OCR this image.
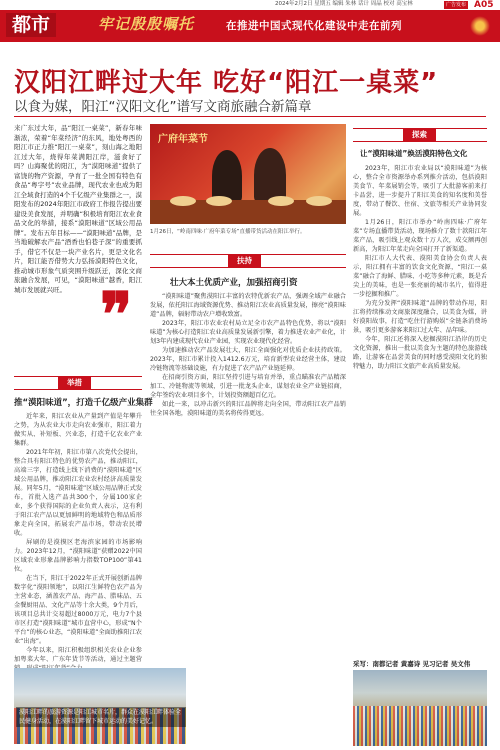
2024年2月2日 星期五 编辑 朱林 话计 周晶 校对 高宝林	广告发布 A05
都市	牢记殷殷嘱托	在推进中国式现代化建设中走在前列
汉阳江畔过大年 吃好“阳江一桌菜”
以食为媒，阳江“汉阳文化”谱写文商旅融合新篇章

来广东过大年，品“阳江一桌菜”，新春年味渐浓，荣着“年菜经济”的东风，地处粤西的阳江市正力推“阳江一桌菜”，刻山海之地阳江过大年，烧得年菜满阳江岸，滋食好了吗？山海聚优的阳江，为“漠阳味道”提供了富饶的物产资源，孕育了一批全国有特色有食品“粤字号”农业品牌，现代农业也成为阳江全域食打造的4个千亿级产业集群之一，漠阳发布的2024年阳江市政府工作报告提出要建设美食发展，并明确“积极培育阳江农业食品文化的举措，接系“漠阳味道”区域公用品牌”。发布五年目标——“漠阳味道”品牌，是当地破解农产品“酒香也怕巷子深”的重要抓手，借它不仅是一块产业名片，更是文化名片，阳江能否借势大力弘扬漠阳特色文化，推动城市形象气质突围升级跃迁，深化文商旅融合发展，可见，“漠阳味道”越香，阳江城市发展就兴旺。 ❞
广府年菜节
1月26日，“岭南四味·广府年菜专场”直播带货活动在阳江举行。
扶持
壮大本土优质产业，加强招商引资

“漠阳味道”聚焦漠阳江丰富的农特优新农产品，强调全域产业融合发展，依托阳江海域资源优势、推动阳江农业高质量发展，擦亮“漠阳味道”品牌，辐射带动农户增收致富。

2023年，阳江市农业农村局立足全市农产品特色优势，将以“漠阳味道”为核心打造阳江农业高质量发展新引擎，着力推进农业产业化，计划3年内建成现代农业产业园，实现农业现代化经营。

为加速推动农产品发展壮大，阳江全面强化对优质企业扶持政策。2023年，阳江市累计投入1412.6万元，培育新型农业经营主体，建设冷链物流等基础设施，有力促进了农产品产业链延伸。

在招商引资方面，阳江坚持引进与培育并举，重点瞄准农产品精深加工、冷链物流等领域，引进一批龙头企业，谋划农业全产业链招商，全年签约农业项目多个，计划投资额超百亿元。

如此一来，以冲击新兴的阳江品牌将走向全国，带动阳江农产品销往全国各地，漠阳味道的美名将传得更远。

举措
推“漠阳味道”，打造千亿级产业集群

近年来，阳江农业从产量到产值是年攀升之势，为从农业大市走向农业强市，阳江着力做实从、补短板、兴业态，打造千亿农业产业集群。

2021年年初，阳江市第八次党代会提出，整合具有阳江特色的优势农产品，推动阳江，高端三字，打造线上线下消费的“漠阳味道”区域公用品牌，推动阳江农业农村经济高质量发展。同年5月，“漠阳味道”区域公用品牌正式发布，首批入选产品共300个，分属100家企业，多个获得国际的企业负责人表示，这有利于阳江农产品以更加鲜明的地域特色和品质形象走向全国，拓展农产品市场，带动农民增收。

屏刷的是漠摸区老海滨家园的市场影响力。2023年12月，“漠阳味道”获赠2022中国区域农业形象品牌影响力指数TOP100”第41位。

在当下，阳江于2022年正式开展创新品牌数字化“漠阳领地”，以阳江生鲜特色农产品为主营业态，涵盖农产品、海产品、腊味品、五金餐厨用品、文化产品等十余大类，9个月后，该项目总共计交易超过8000万元，电力7个县市区打造“漠阳味道”城市直营中心，形成“N个平台”的核心业态，“漠阳味道”全面助推阳江农业“出海”。

今年以来，阳江积极组织相关农业企业参加粤菜大年、广东年货节等活动，通过主题营

探索
让“漠阳味道”焕活漠阳特色文化

2023年，阳江市农业局以“漠阳味道”为核心，整合全市资源举办系列推介活动，包括漠阳美食节、年菜展销会等，吸引了大批游客前来打卡品尝，进一步提升了阳江美食的知名度和美誉度，带动了餐饮、住宿、文旅等相关产业协同发展。

1月26日，阳江市举办“岭南四味·广府年菜”专场直播带货活动，现场推介了数十款阳江年菜产品，吸引线上观众数十万人次，成交额再创新高，为阳江年菜走向全国打开了新渠道。

阳江市人大代表、漠阳美食协会负责人表示，阳江拥有丰富的饮食文化资源，“阳江一桌菜”融合了海鲜、腊味、小吃等多种元素，既是舌尖上的美味，也是一张亮丽的城市名片，值得进一步挖掘和推广。

为充分发挥“漠阳味道”品牌的带动作用，阳江将持续推动文商旅深度融合，以美食为媒，讲好漠阳故事，打造“吃住行游购娱”全链条消费场景，吸引更多游客来阳江过大年、品年味。

今年，阳江还将深入挖掘漠阳江沿岸的历史文化资源，推出一批以美食为主题的特色旅游线路，让游客在品尝美食的同时感受漠阳文化的独特魅力，助力阳江文旅产业高质量发展。

采写：南都记者 黄嘉诗 见习记者 吴文伟
漠阳江畔的旅游资源是阳江城市名片，群众在漠阳江畔体验全民健身活动，在漠阳江畔留下城市运动的美好记忆。
